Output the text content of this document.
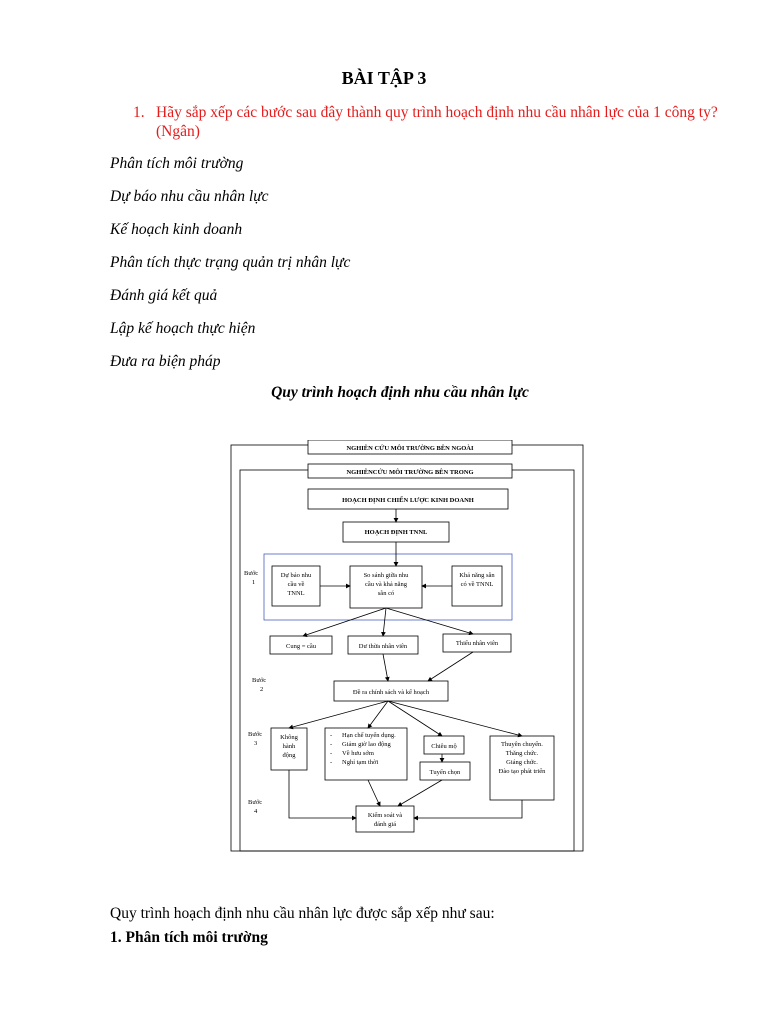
BÀI TẬP 3
1. Hãy sắp xếp các bước sau đây thành quy trình hoạch định nhu cầu nhân lực của 1 công ty? (Ngân)
Phân tích môi trường
Dự báo nhu cầu nhân lực
Kế hoạch kinh doanh
Phân tích thực trạng quản trị nhân lực
Đánh giá kết quả
Lập kế hoạch thực hiện
Đưa ra biện pháp
Quy trình hoạch định nhu cầu nhân lực
NGHIÊN CỨU MÔI TRƯỜNG BÊN NGOÀI
NGHIÊNCỨU MÔI TRƯỜNG BÊN TRONG
HOẠCH ĐỊNH CHIẾN LƯỢC KINH DOANH
HOẠCH ĐỊNH TNNL
Dự báo nhu
cầu về
TNNL
So sánh giữa nhu
cầu và khả năng
sẵn có
Khả năng sẵn
có về TNNL
Cung = cầu	Dư thừa nhân viên	Thiếu nhân viên
Đề ra chính sách và kế hoạch
Không
hành
động
-
-
-
-
Hạn chế tuyển dụng.
Giảm giờ lao động
Về hưu sớm
Nghỉ tạm thời
Chiêu mộ
Tuyển chọn
Thuyên chuyển.
Thăng chức.
Giáng chức.
Đào tạo phát triển
Kiểm soát và
đánh giá
Bước
1
Bước
2
Bước
3
Bước
4
Quy trình hoạch định nhu cầu nhân lực được sắp xếp như sau:
1. Phân tích môi trường
